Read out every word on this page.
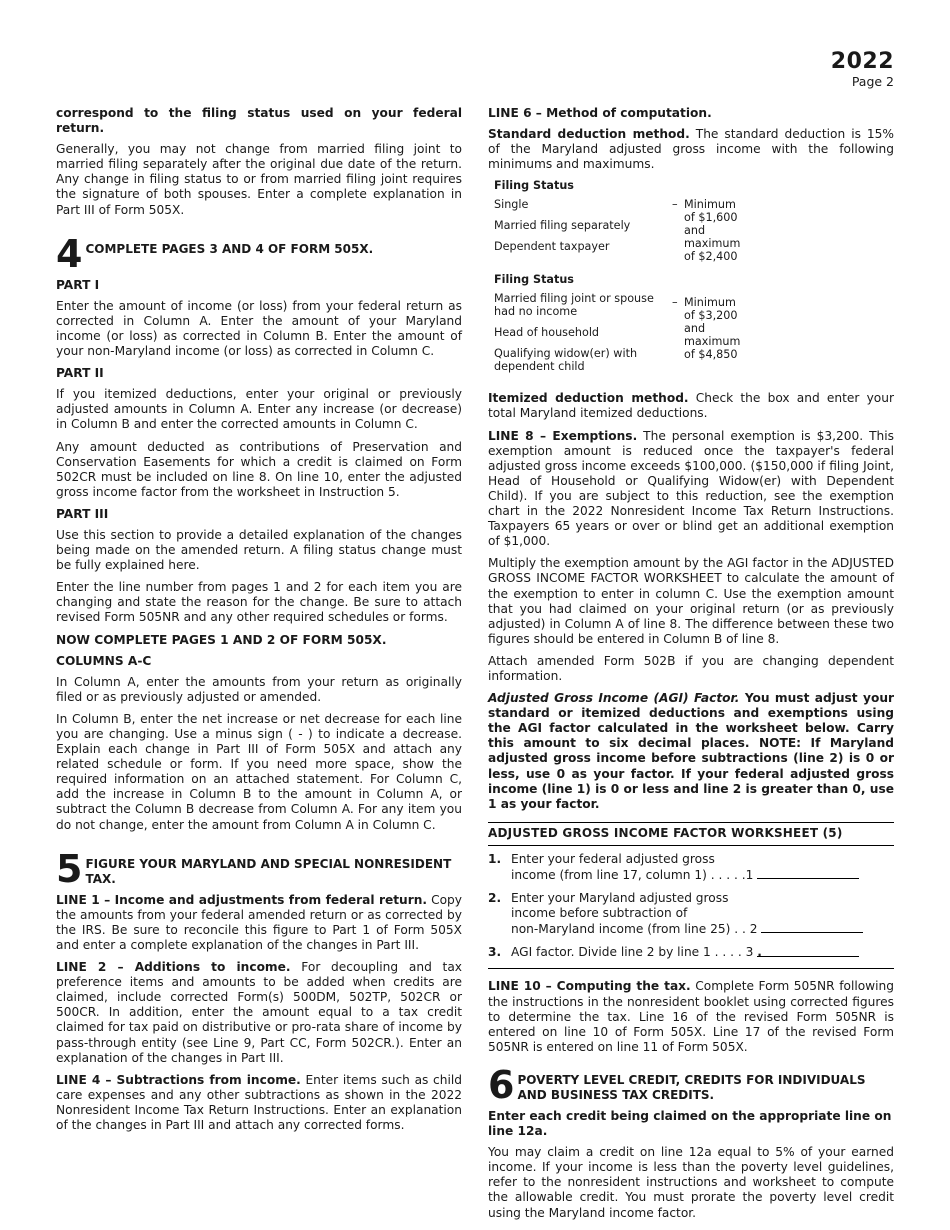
2022
Page 2

correspond to the filing status used on your federal return.

Generally, you may not change from married filing joint to married filing separately after the original due date of the return. Any change in filing status to or from married filing joint requires the signature of both spouses. Enter a complete explanation in Part III of Form 505X.

4 COMPLETE PAGES 3 AND 4 OF FORM 505X.
PART I

Enter the amount of income (or loss) from your federal return as corrected in Column A. Enter the amount of your Maryland income (or loss) as corrected in Column B. Enter the amount of your non-Maryland income (or loss) as corrected in Column C.

PART II

If you itemized deductions, enter your original or previously adjusted amounts in Column A. Enter any increase (or decrease) in Column B and enter the corrected amounts in Column C.

Any amount deducted as contributions of Preservation and Conservation Easements for which a credit is claimed on Form 502CR must be included on line 8. On line 10, enter the adjusted gross income factor from the worksheet in Instruction 5.

PART III

Use this section to provide a detailed explanation of the changes being made on the amended return. A filing status change must be fully explained here.

Enter the line number from pages 1 and 2 for each item you are changing and state the reason for the change. Be sure to attach revised Form 505NR and any other required schedules or forms.

NOW COMPLETE PAGES 1 AND 2 OF FORM 505X.
COLUMNS A-C

In Column A, enter the amounts from your return as originally filed or as previously adjusted or amended.

In Column B, enter the net increase or net decrease for each line you are changing. Use a minus sign ( - ) to indicate a decrease. Explain each change in Part III of Form 505X and attach any related schedule or form. If you need more space, show the required information on an attached statement. For Column C, add the increase in Column B to the amount in Column A, or subtract the Column B decrease from Column A. For any item you do not change, enter the amount from Column A in Column C.

5 FIGURE YOUR MARYLAND AND SPECIAL NONRESIDENT TAX.

LINE 1 – Income and adjustments from federal return. Copy the amounts from your federal amended return or as corrected by the IRS. Be sure to reconcile this figure to Part 1 of Form 505X and enter a complete explanation of the changes in Part III.

LINE 2 – Additions to income. For decoupling and tax preference items and amounts to be added when credits are claimed, include corrected Form(s) 500DM, 502TP, 502CR or 500CR. In addition, enter the amount equal to a tax credit claimed for tax paid on distributive or pro-rata share of income by pass-through entity (see Line 9, Part CC, Form 502CR.). Enter an explanation of the changes in Part III.

LINE 4 – Subtractions from income. Enter items such as child care expenses and any other subtractions as shown in the 2022 Nonresident Income Tax Return Instructions. Enter an explanation of the changes in Part III and attach any corrected forms.

LINE 6 – Method of computation.

Standard deduction method. The standard deduction is 15% of the Maryland adjusted gross income with the following minimums and maximums.

Filing Status
Single
Married filing separately
Dependent taxpayer
– Minimum of $1,600 and maximum of $2,400
Filing Status
Married filing joint or spouse had no income
Head of household
Qualifying widow(er) with dependent child
– Minimum of $3,200 and maximum of $4,850

Itemized deduction method. Check the box and enter your total Maryland itemized deductions.

LINE 8 – Exemptions. The personal exemption is $3,200. This exemption amount is reduced once the taxpayer's federal adjusted gross income exceeds $100,000. ($150,000 if filing Joint, Head of Household or Qualifying Widow(er) with Dependent Child). If you are subject to this reduction, see the exemption chart in the 2022 Nonresident Income Tax Return Instructions. Taxpayers 65 years or over or blind get an additional exemption of $1,000.

Multiply the exemption amount by the AGI factor in the ADJUSTED GROSS INCOME FACTOR WORKSHEET to calculate the amount of the exemption to enter in column C. Use the exemption amount that you had claimed on your original return (or as previously adjusted) in Column A of line 8. The difference between these two figures should be entered in Column B of line 8.

Attach amended Form 502B if you are changing dependent information.

Adjusted Gross Income (AGI) Factor. You must adjust your standard or itemized deductions and exemptions using the AGI factor calculated in the worksheet below. Carry this amount to six decimal places. NOTE: If Maryland adjusted gross income before subtractions (line 2) is 0 or less, use 0 as your factor. If your federal adjusted gross income (line 1) is 0 or less and line 2 is greater than 0, use 1 as your factor.

ADJUSTED GROSS INCOME FACTOR WORKSHEET (5)
1. Enter your federal adjusted gross
income (from line 17, column 1) . . . . .1
2. Enter your Maryland adjusted gross
income before subtraction of
non-Maryland income (from line 25) . . 2
3. AGI factor. Divide line 2 by line 1 . . . . 3 .

LINE 10 – Computing the tax. Complete Form 505NR following the instructions in the nonresident booklet using corrected figures to determine the tax. Line 16 of the revised Form 505NR is entered on line 10 of Form 505X. Line 17 of the revised Form 505NR is entered on line 11 of Form 505X.

6 POVERTY LEVEL CREDIT, CREDITS FOR INDIVIDUALS AND BUSINESS TAX CREDITS.

Enter each credit being claimed on the appropriate line on line 12a.

You may claim a credit on line 12a equal to 5% of your earned income. If your income is less than the poverty level guidelines, refer to the nonresident instructions and worksheet to compute the allowable credit. You must prorate the poverty level credit using the Maryland income factor.
